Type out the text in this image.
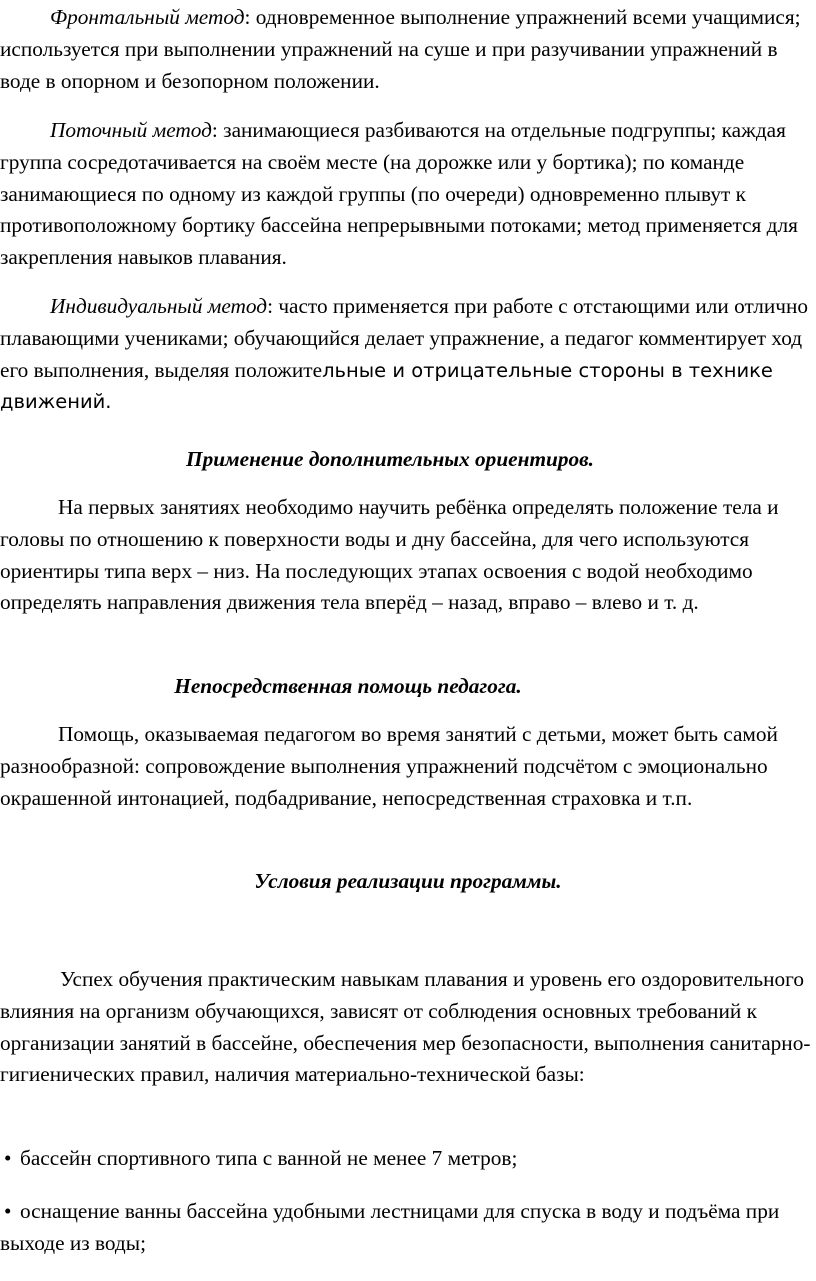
Фронтальный метод: одновременное выполнение упражнений всеми учащимися; используется при выполнении упражнений на суше и при разучивании упражнений в воде в опорном и безопорном положении.

Поточный метод: занимающиеся разбиваются на отдельные подгруппы; каждая группа сосредотачивается на своём месте (на дорожке или у бортика); по команде занимающиеся по одному из каждой группы (по очереди) одновременно плывут к противоположному бортику бассейна непрерывными потоками; метод применяется для закрепления навыков плавания.

Индивидуальный метод: часто применяется при работе с отстающими или отлично плавающими учениками; обучающийся делает упражнение, а педагог комментирует ход его выполнения, выделяя положительные и отрицательные стороны в технике движений.

Применение дополнительных ориентиров.

На первых занятиях необходимо научить ребёнка определять положение тела и головы по отношению к поверхности воды и дну бассейна, для чего используются ориентиры типа верх – низ. На последующих этапах освоения с водой необходимо определять направления движения тела вперёд – назад, вправо – влево и т. д.

Непосредственная помощь педагога.

Помощь, оказываемая педагогом во время занятий с детьми, может быть самой разнообразной: сопровождение выполнения упражнений подсчётом с эмоционально окрашенной интонацией, подбадривание, непосредственная страховка и т.п.

Условия реализации программы.

Успех обучения практическим навыкам плавания и уровень его оздоровительного влияния на организм обучающихся, зависят от соблюдения основных требований к организации занятий в бассейне, обеспечения мер безопасности, выполнения санитарно-гигиенических правил, наличия материально-технической базы:

• бассейн спортивного типа с ванной не менее 7 метров;

• оснащение ванны бассейна удобными лестницами для спуска в воду и подъёма при выходе из воды;
